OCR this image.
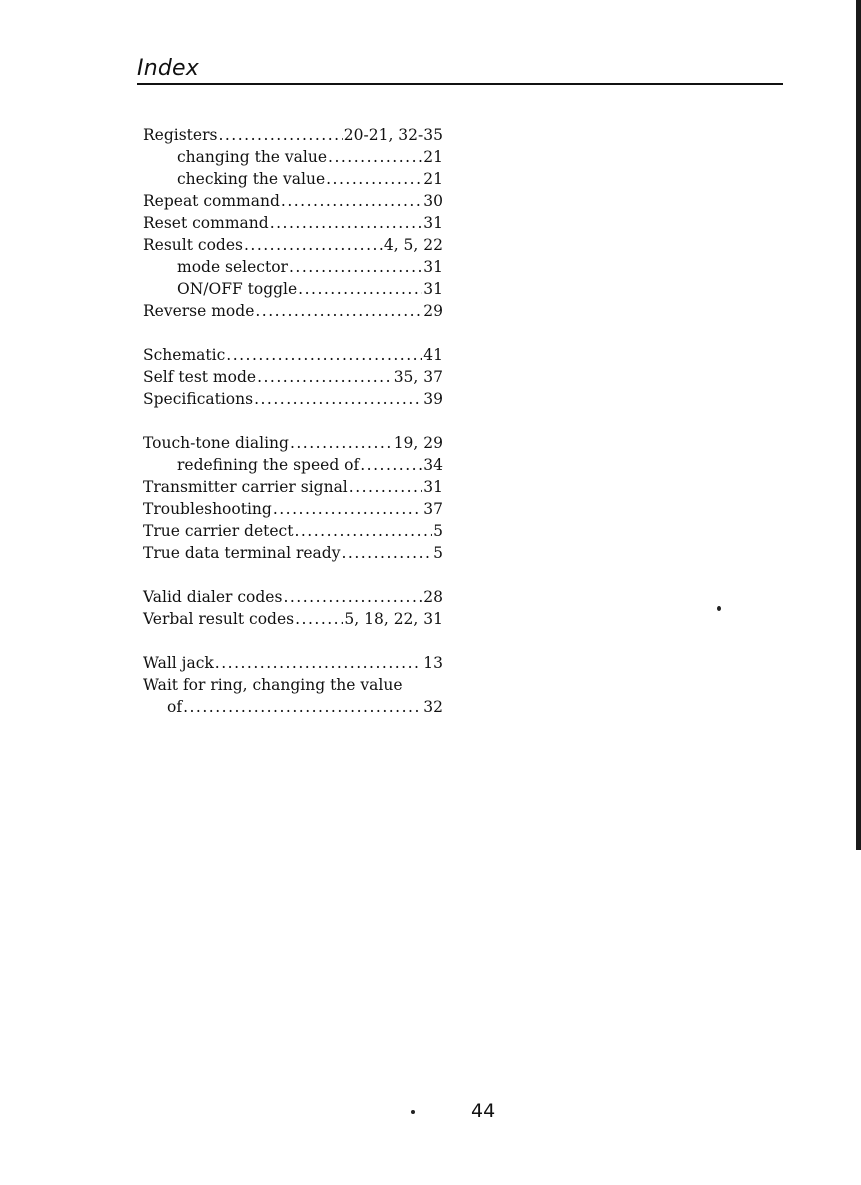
Index
Registers .....	20-21, 32-35
changing the value .....	21
checking the value .....	21
Repeat command .....	30
Reset command .....	31
Result codes .....	4, 5, 22
mode selector .....	31
ON/OFF toggle .....	31
Reverse mode .....	29
Schematic .....	41
Self test mode .....	35, 37
Specifications .....	39
Touch-tone dialing .....	19, 29
redefining the speed of .....	34
Transmitter carrier signal .....	31
Troubleshooting .....	37
True carrier detect .....	5
True data terminal ready .....	5
Valid dialer codes .....	28
Verbal result codes .....	5, 18, 22, 31
Wall jack .....	13
Wait for ring, changing the value
of .....	32
44
